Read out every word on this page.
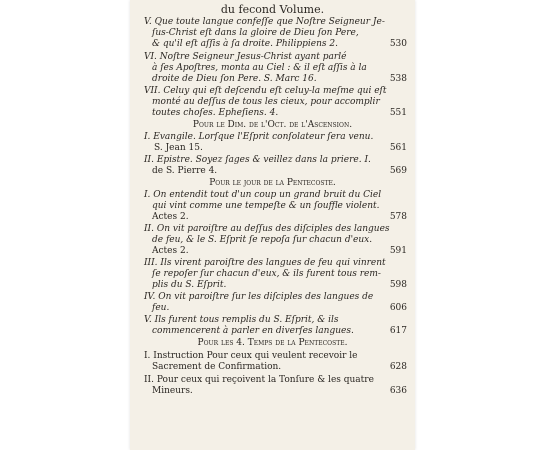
du fecond Volume.
V. Que toute langue confeſſe que Noſtre Seigneur Je-
ſus-Christ eſt dans la gloire de Dieu ſon Pere,
& qu'il eſt aſſis à ſa droite. Philippiens 2.	530
VI. Noſtre Seigneur Jesus-Christ ayant parlé
à ſes Apoſtres, monta au Ciel : & il eſt aſſis à la
droite de Dieu ſon Pere. S. Marc 16.	538
VII. Celuy qui eſt deſcendu eſt celuy-la meſme qui eſt
monté au deſſus de tous les cieux, pour accomplir
toutes choſes. Epheſiens. 4.	551
Pour le Dim. de l'Oct. de l'Ascension.
I. Evangile. Lorſque l'Eſprit conſolateur ſera venu.
S. Jean 15.	561
II. Epistre. Soyez ſages & veillez dans la priere. I.
de S. Pierre 4.	569
Pour le jour de la Pentecoste.
I. On entendit tout d'un coup un grand bruit du Ciel
qui vint comme une tempeſte & un ſouffle violent.
Actes 2.	578
II. On vit paroiſtre au deſſus des diſciples des langues
de feu, & le S. Eſprit ſe repoſa ſur chacun d'eux.
Actes 2.	591
III. Ils virent paroiſtre des langues de feu qui vinrent
ſe repoſer ſur chacun d'eux, & ils furent tous rem-
plis du S. Eſprit.	598
IV. On vit paroiſtre ſur les diſciples des langues de
feu.	606
V. Ils furent tous remplis du S. Eſprit, & ils
commencerent à parler en diverſes langues.	617
Pour les 4. Temps de la Pentecoste.
I. Instruction Pour ceux qui veulent recevoir le
Sacrement de Confirmation.	628
II. Pour ceux qui reçoivent la Tonſure & les quatre
Mineurs.	636
